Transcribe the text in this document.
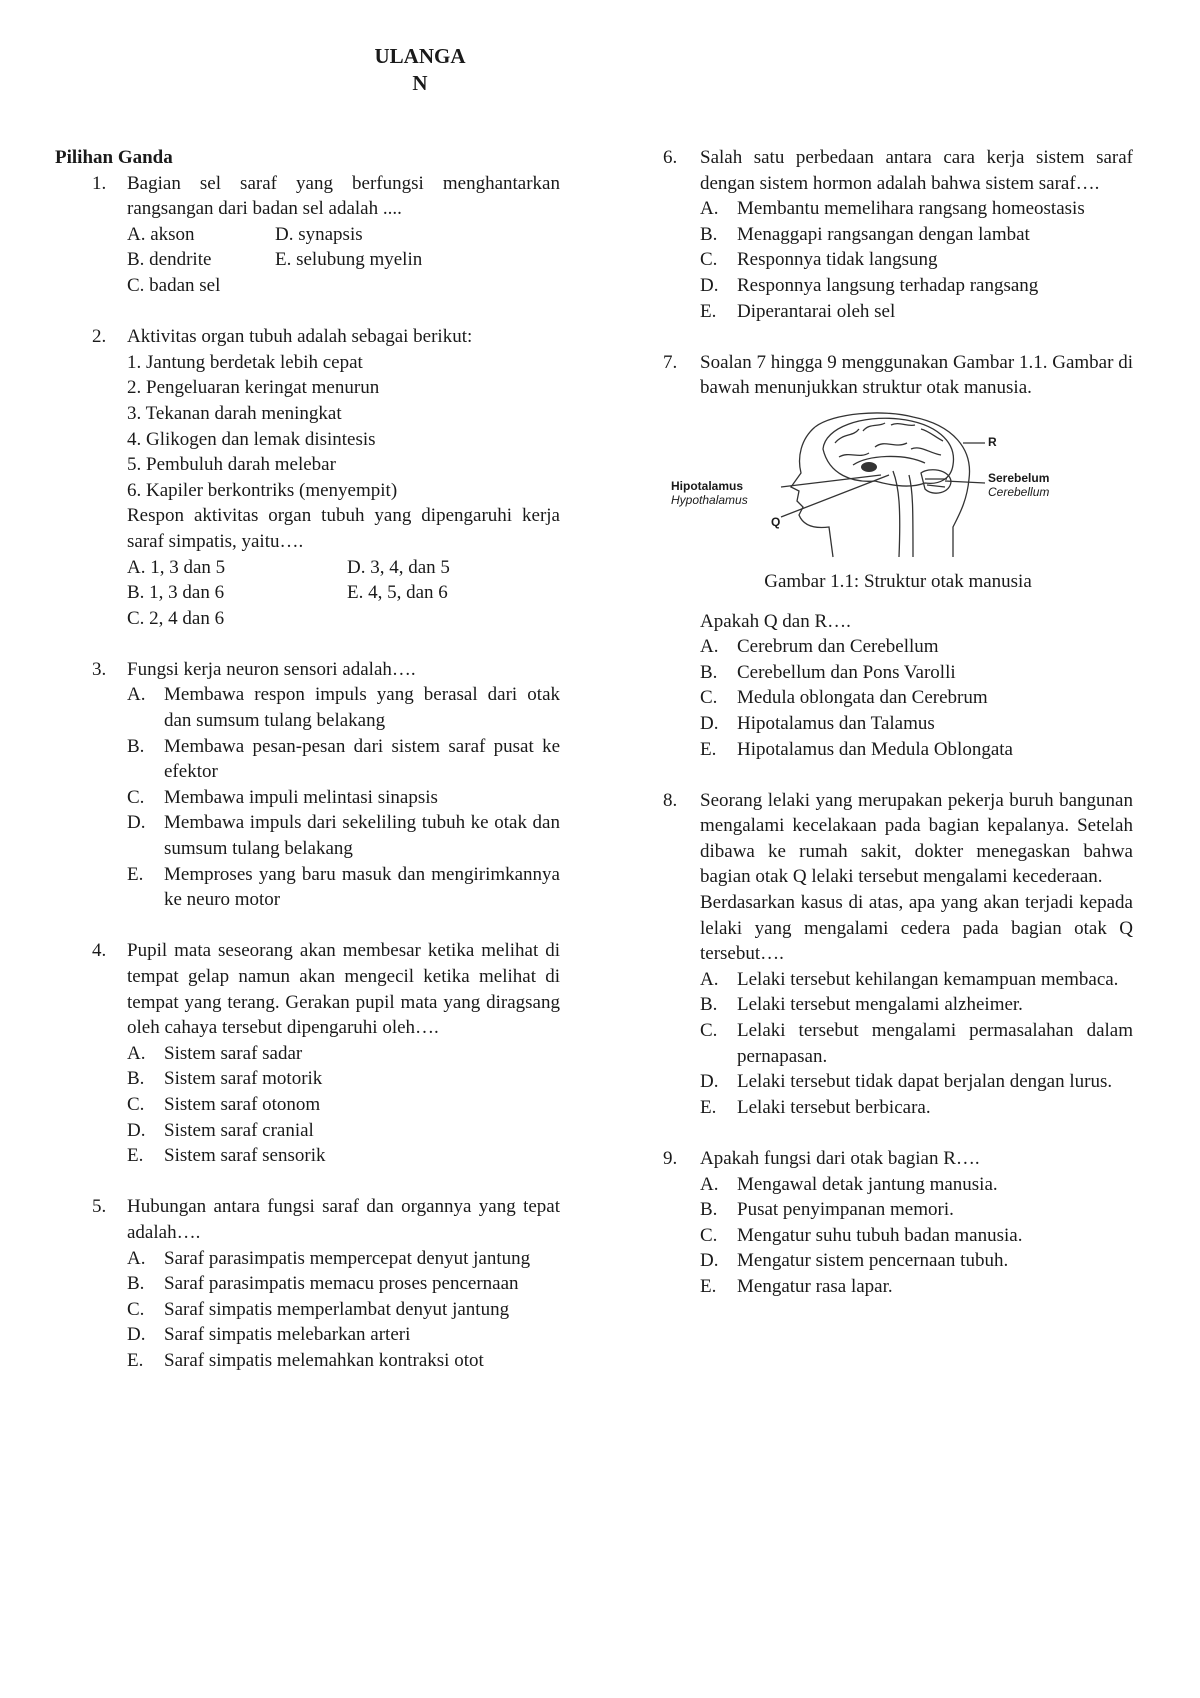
ULANGA
N
Pilihan Ganda
1. Bagian sel saraf yang berfungsi menghantarkan rangsangan dari badan sel adalah ....
A. akson	D. synapsis
B. dendrite	E. selubung myelin
C. badan sel
2. Aktivitas organ tubuh adalah sebagai berikut:
1. Jantung berdetak lebih cepat
2. Pengeluaran keringat menurun
3. Tekanan darah meningkat
4. Glikogen dan lemak disintesis
5. Pembuluh darah melebar
6. Kapiler berkontriks (menyempit)
Respon aktivitas organ tubuh yang dipengaruhi kerja saraf simpatis, yaitu….
A. 1, 3 dan 5	D. 3, 4, dan 5
B. 1, 3 dan 6	E. 4, 5, dan 6
C. 2, 4 dan 6
3. Fungsi kerja neuron sensori adalah….
A. Membawa respon impuls yang berasal dari otak dan sumsum tulang belakang
B. Membawa pesan-pesan dari sistem saraf pusat ke efektor
C. Membawa impuli melintasi sinapsis
D. Membawa impuls dari sekeliling tubuh ke otak dan sumsum tulang belakang
E. Memproses yang baru masuk dan mengirimkannya ke neuro motor
4. Pupil mata seseorang akan membesar ketika melihat di tempat gelap namun akan mengecil ketika melihat di tempat yang terang. Gerakan pupil mata yang diragsang oleh cahaya tersebut dipengaruhi oleh….
A. Sistem saraf sadar
B. Sistem saraf motorik
C. Sistem saraf otonom
D. Sistem saraf cranial
E. Sistem saraf sensorik
5. Hubungan antara fungsi saraf dan organnya yang tepat adalah….
A. Saraf parasimpatis mempercepat denyut jantung
B. Saraf parasimpatis memacu proses pencernaan
C. Saraf simpatis memperlambat denyut jantung
D. Saraf simpatis melebarkan arteri
E. Saraf simpatis melemahkan kontraksi otot
6. Salah satu perbedaan antara cara kerja sistem saraf dengan sistem hormon adalah bahwa sistem saraf….
A. Membantu memelihara rangsang homeostasis
B. Menaggapi rangsangan dengan lambat
C. Responnya tidak langsung
D. Responnya langsung terhadap rangsang
E. Diperantarai oleh sel
7. Soalan 7 hingga 9 menggunakan Gambar 1.1. Gambar di bawah menunjukkan struktur otak manusia.
R
Serebelum
Cerebellum
Hipotalamus
Hypothalamus
Q
Gambar 1.1: Struktur otak manusia
Apakah Q dan R….
A. Cerebrum dan Cerebellum
B. Cerebellum dan Pons Varolli
C. Medula oblongata dan Cerebrum
D. Hipotalamus dan Talamus
E. Hipotalamus dan Medula Oblongata
8. Seorang lelaki yang merupakan pekerja buruh bangunan mengalami kecelakaan pada bagian kepalanya. Setelah dibawa ke rumah sakit, dokter menegaskan bahwa bagian otak Q lelaki tersebut mengalami kecederaan.
Berdasarkan kasus di atas, apa yang akan terjadi kepada lelaki yang mengalami cedera pada bagian otak Q tersebut….
A. Lelaki tersebut kehilangan kemampuan membaca.
B. Lelaki tersebut mengalami alzheimer.
C. Lelaki tersebut mengalami permasalahan dalam pernapasan.
D. Lelaki tersebut tidak dapat berjalan dengan lurus.
E. Lelaki tersebut berbicara.
9. Apakah fungsi dari otak bagian R….
A. Mengawal detak jantung manusia.
B. Pusat penyimpanan memori.
C. Mengatur suhu tubuh badan manusia.
D. Mengatur sistem pencernaan tubuh.
E. Mengatur rasa lapar.
